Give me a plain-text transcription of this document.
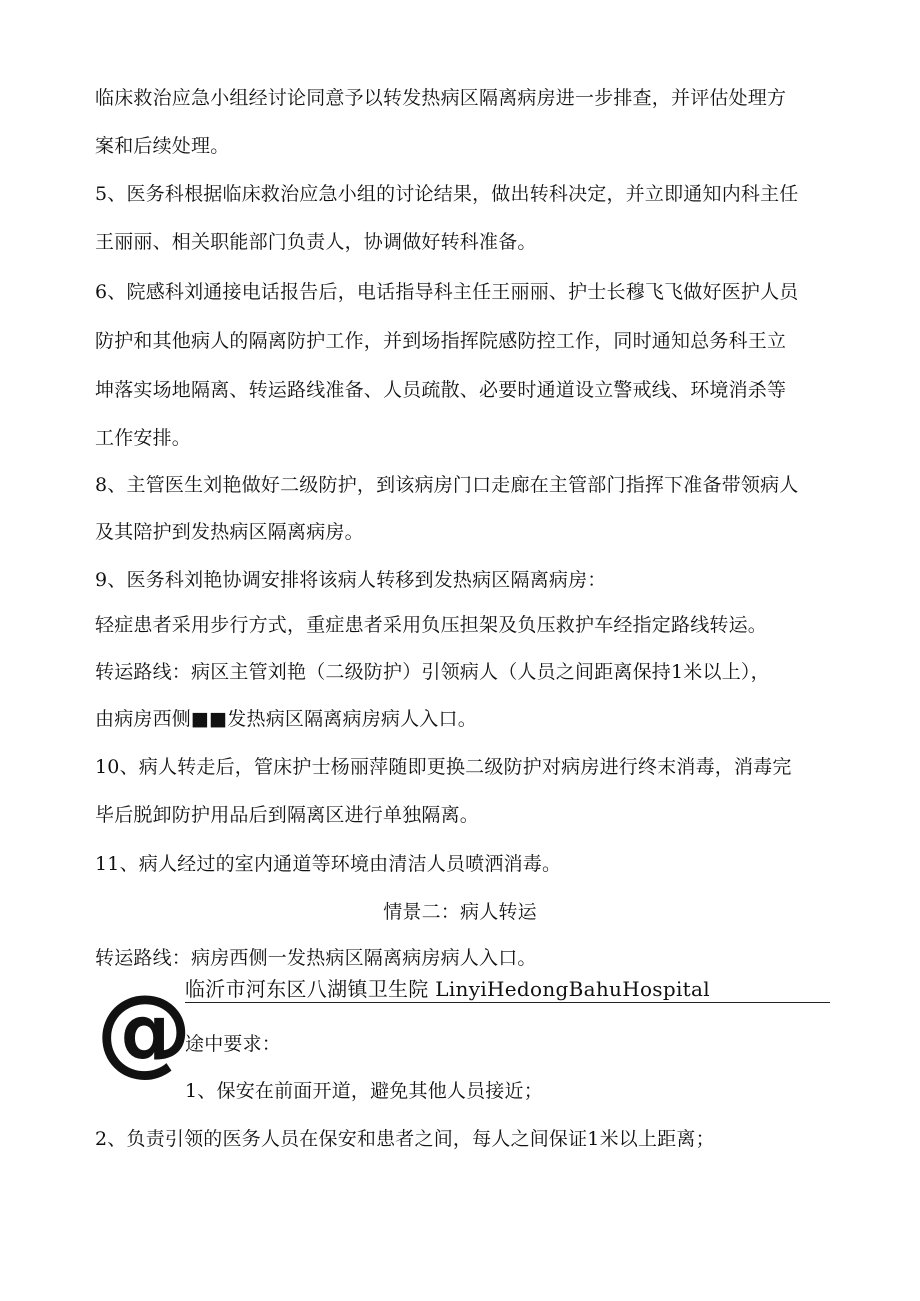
临床救治应急小组经讨论同意予以转发热病区隔离病房进一步排查，并评估处理方
案和后续处理。
5、医务科根据临床救治应急小组的讨论结果，做出转科决定，并立即通知内科主任
王丽丽、相关职能部门负责人，协调做好转科准备。
6、院感科刘通接电话报告后，电话指导科主任王丽丽、护士长穆飞飞做好医护人员
防护和其他病人的隔离防护工作，并到场指挥院感防控工作，同时通知总务科王立
坤落实场地隔离、转运路线准备、人员疏散、必要时通道设立警戒线、环境消杀等
工作安排。
8、主管医生刘艳做好二级防护，到该病房门口走廊在主管部门指挥下准备带领病人
及其陪护到发热病区隔离病房。
9、医务科刘艳协调安排将该病人转移到发热病区隔离病房：
轻症患者采用步行方式，重症患者采用负压担架及负压救护车经指定路线转运。
转运路线：病区主管刘艳（二级防护）引领病人（人员之间距离保持1米以上），
由病房西侧■■发热病区隔离病房病人入口。
10、病人转走后，管床护士杨丽萍随即更换二级防护对病房进行终末消毒，消毒完
毕后脱卸防护用品后到隔离区进行单独隔离。
11、病人经过的室内通道等环境由清洁人员喷洒消毒。
情景二：病人转运
转运路线：病房西侧一发热病区隔离病房病人入口。
途中要求：
1、保安在前面开道，避免其他人员接近；
2、负责引领的医务人员在保安和患者之间，每人之间保证1米以上距离；
@
临沂市河东区八湖镇卫生院 LinyiHedongBahuHospital
